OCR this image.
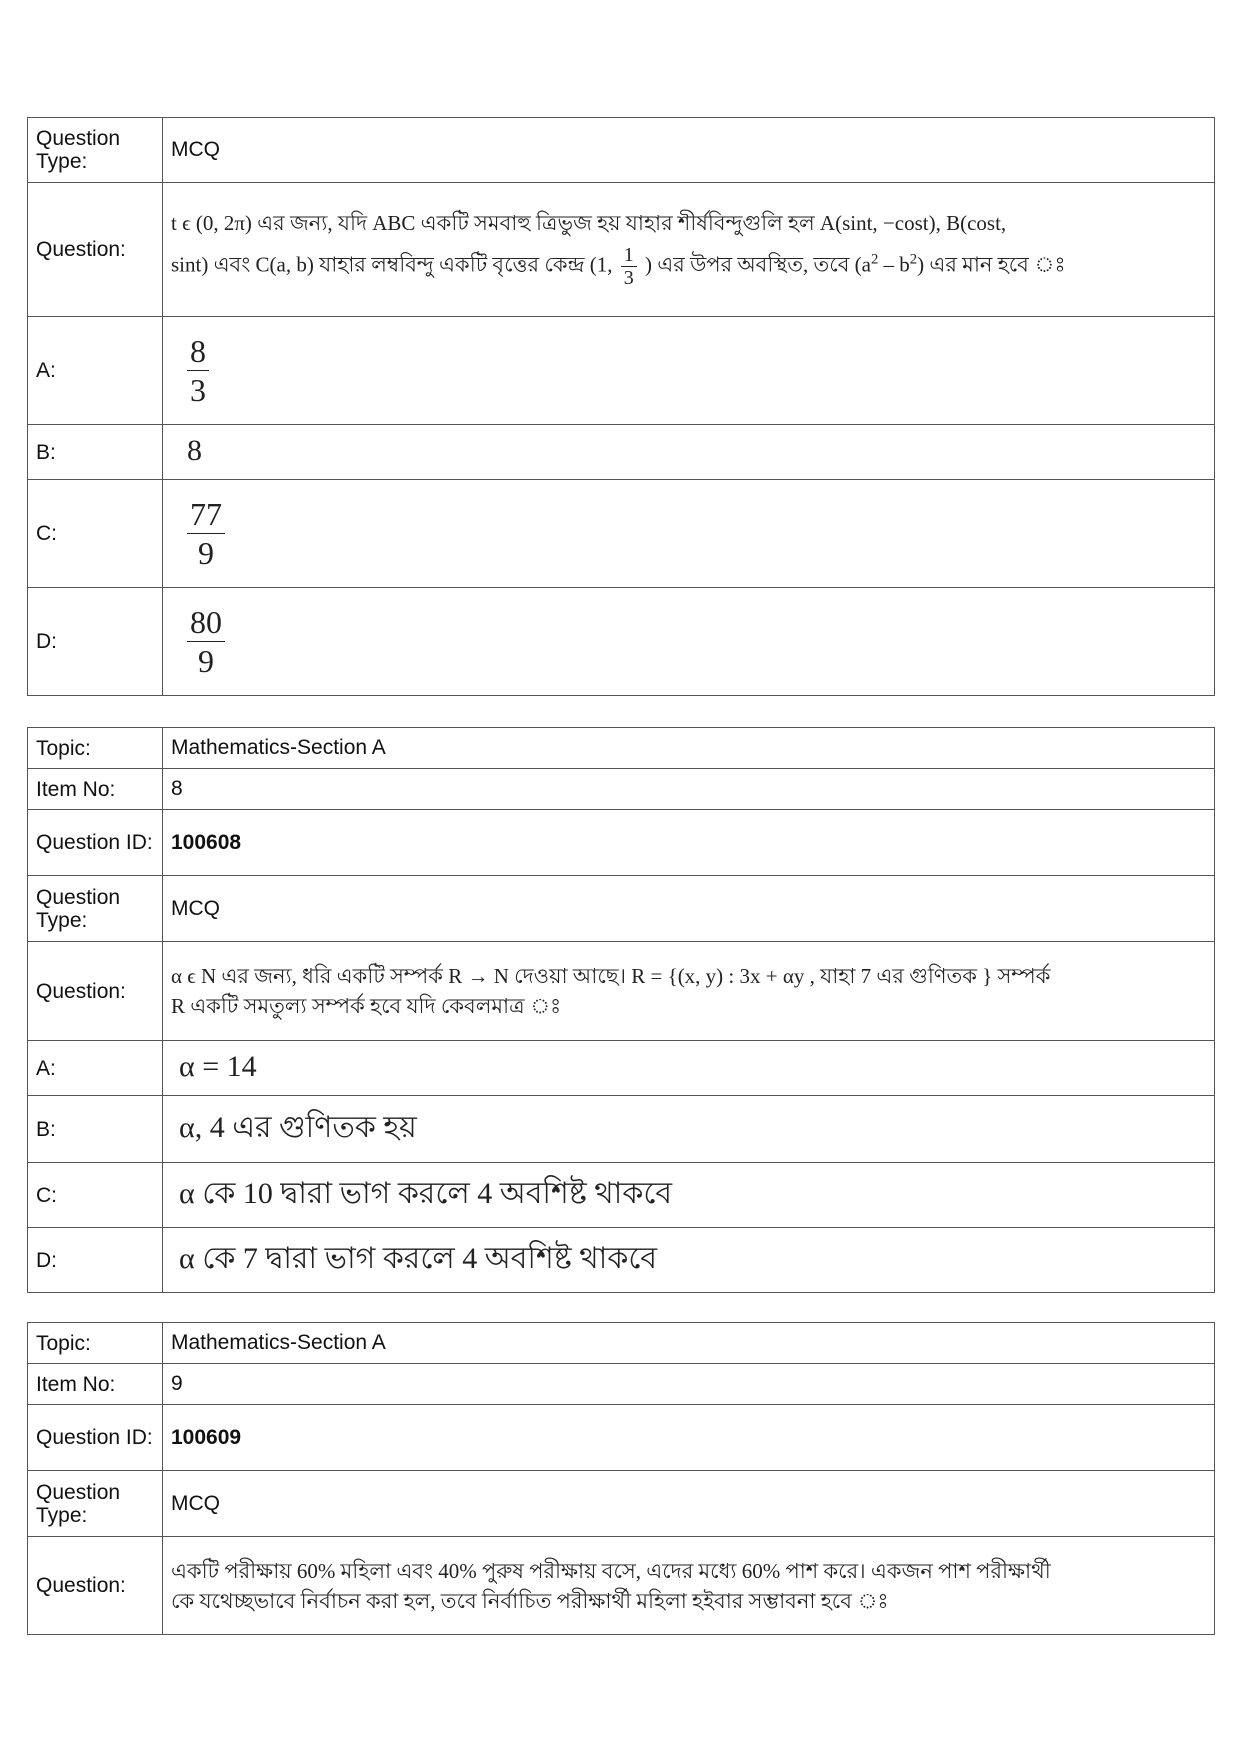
Question Type:	MCQ
Question:	t ϵ (0, 2π) এর জন্য, যদি ABC একটি সমবাহু ত্রিভুজ হয় যাহার শীর্ষবিন্দুগুলি হল A(sint, −cost), B(cost,
sint) এবং C(a, b) যাহার লম্ববিন্দু একটি বৃত্তের কেন্দ্র (1, $\frac{1}{3}$ ) এর উপর অবস্থিত, তবে $(a^2 - b^2)$ এর মান হবে ঃ

A:	$\frac{8}{3}$

B:	8
C:	$\frac{77}{9}$

D:	$\frac{80}{9}$
Topic:	Mathematics-Section A
Item No:	8
Question ID:	100608
Question Type:	MCQ
Question:	α ϵ N এর জন্য, ধরি একটি সম্পর্ক R → N দেওয়া আছে। R = {(x, y) : 3x + αy , যাহা 7 এর গুণিতক } সম্পর্ক
R একটি সমতুল্য সম্পর্ক হবে যদি কেবলমাত্র ঃ

A:	α = 14
B:	α, 4 এর গুণিতক হয়
C:	α কে 10 দ্বারা ভাগ করলে 4 অবশিষ্ট থাকবে
D:	α কে 7 দ্বারা ভাগ করলে 4 অবশিষ্ট থাকবে
Topic:	Mathematics-Section A
Item No:	9
Question ID:	100609
Question Type:	MCQ
Question:	একটি পরীক্ষায় 60% মহিলা এবং 40% পুরুষ পরীক্ষায় বসে, এদের মধ্যে 60% পাশ করে। একজন পাশ পরীক্ষার্থী
কে যথেচ্ছভাবে নির্বাচন করা হল, তবে নির্বাচিত পরীক্ষার্থী মহিলা হইবার সম্ভাবনা হবে ঃ
